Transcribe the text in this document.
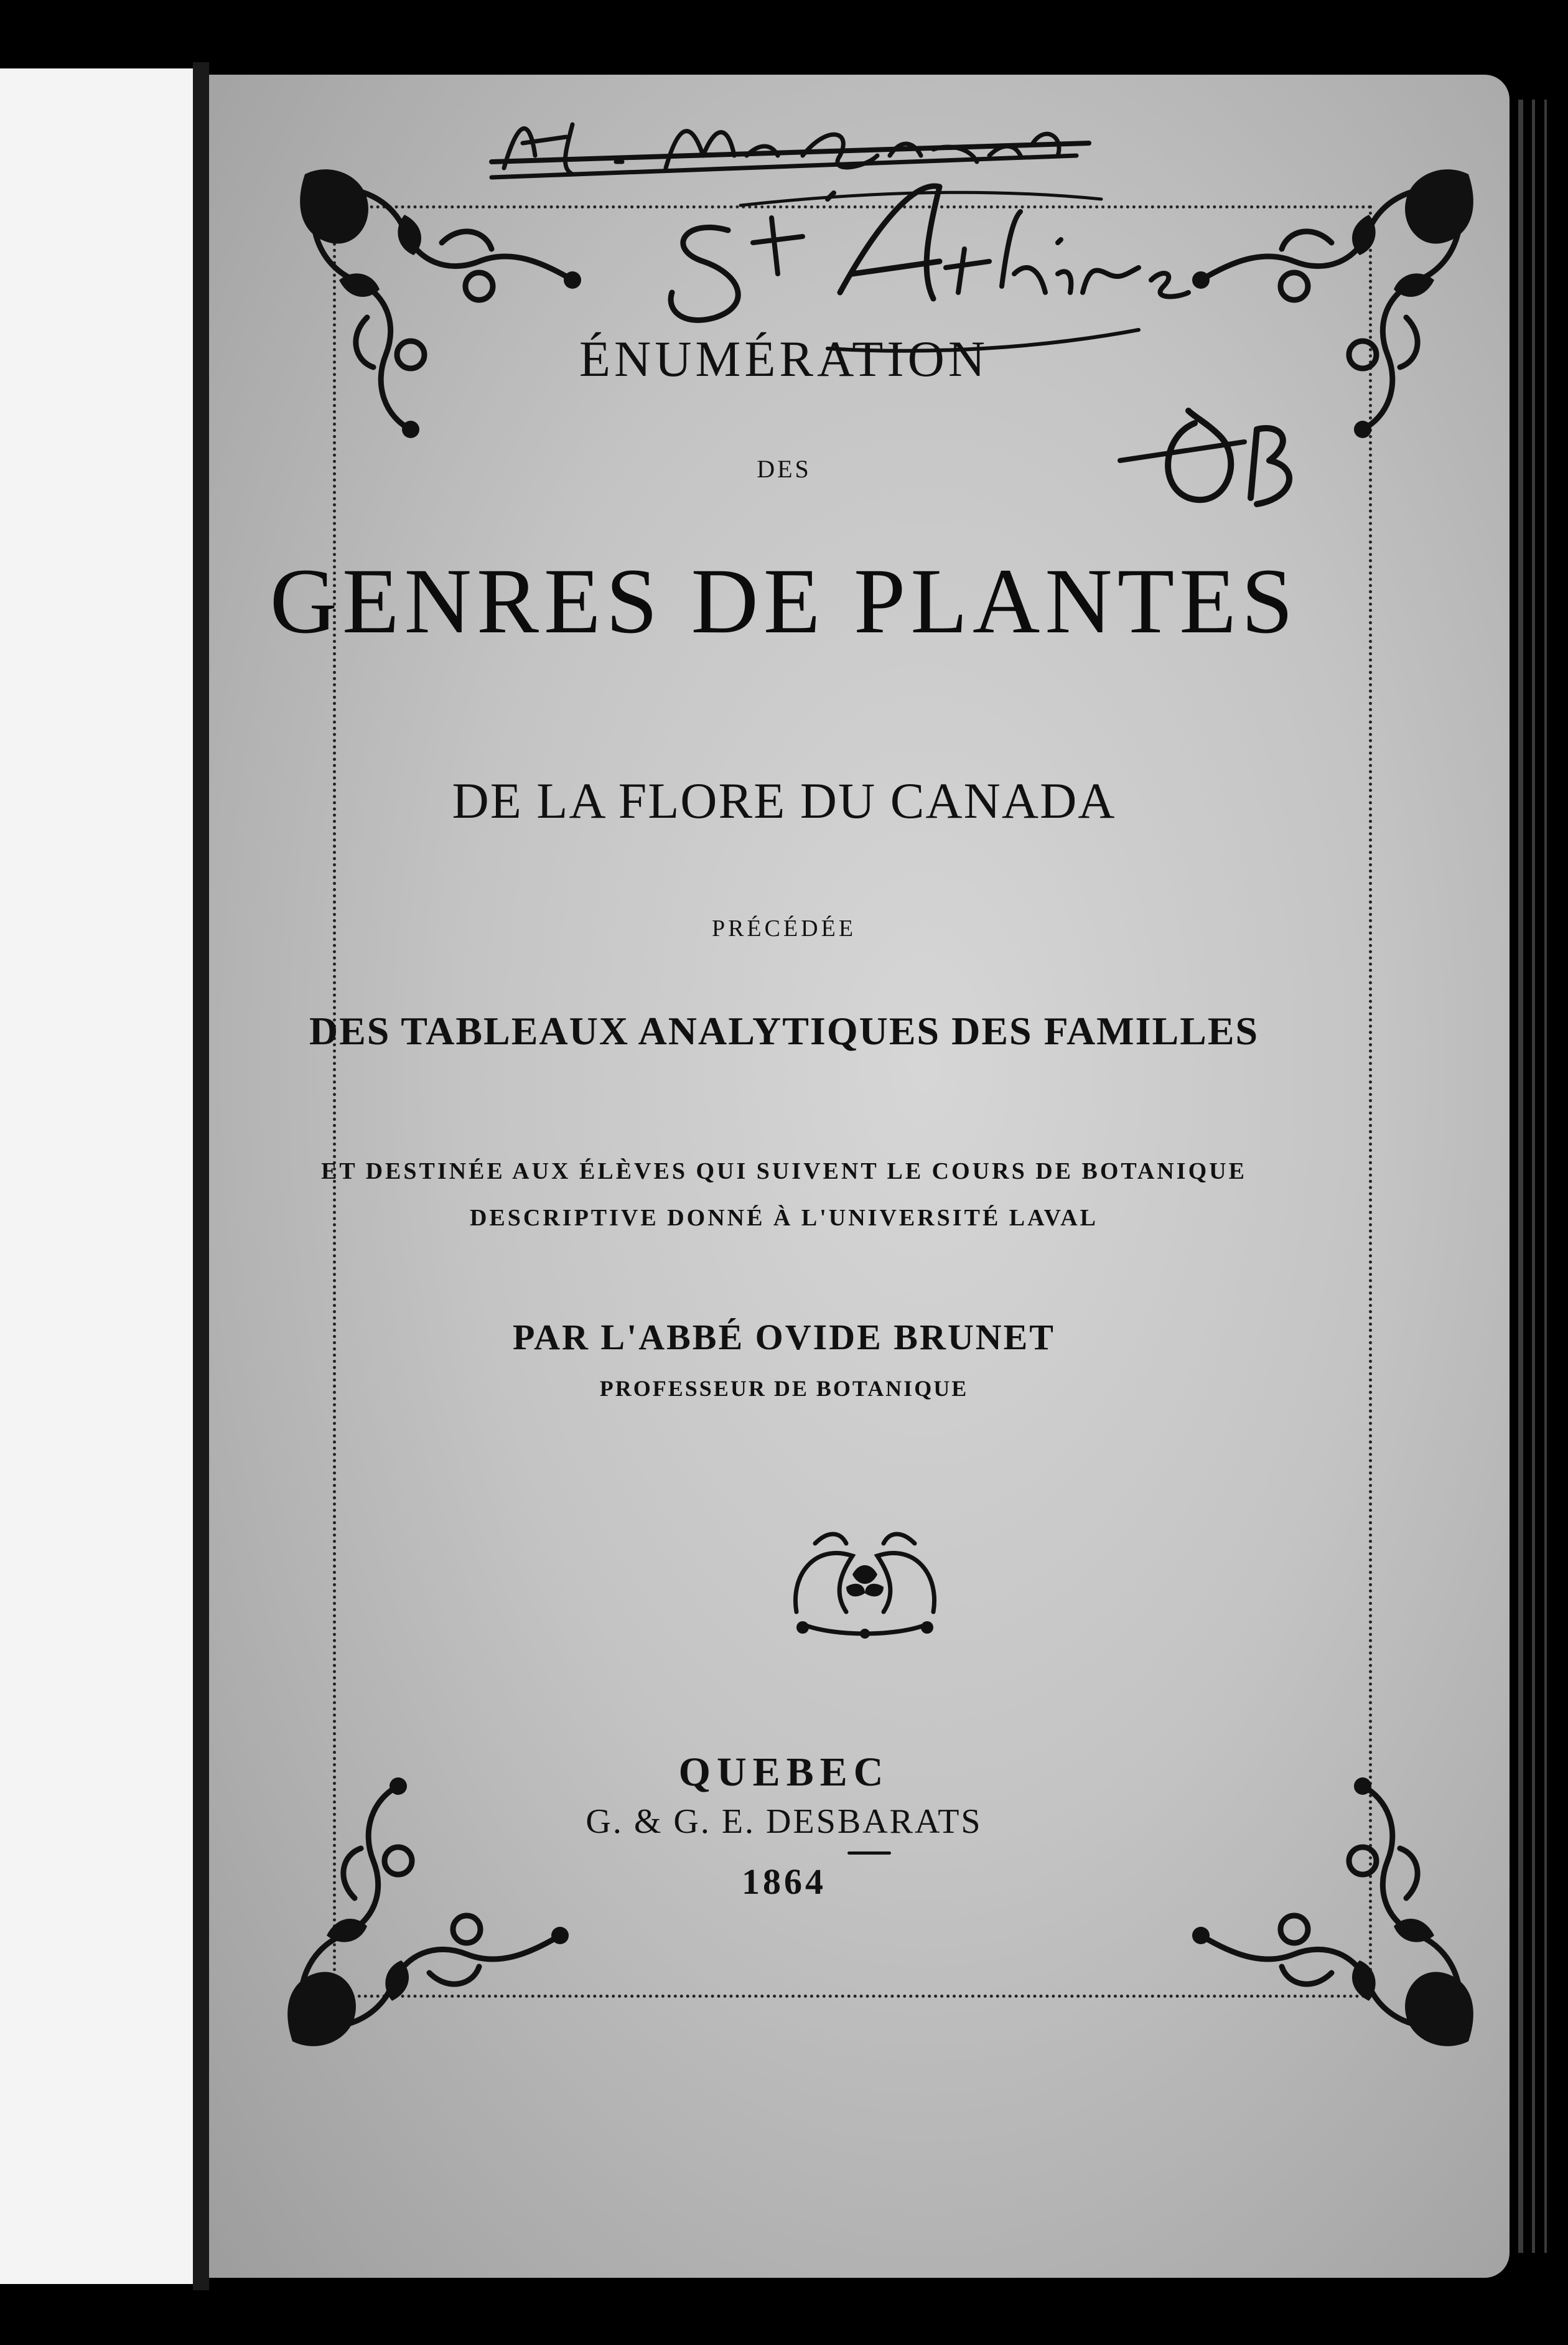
ÉNUMÉRATION
DES
GENRES DE PLANTES
DE LA FLORE DU CANADA
PRÉCÉDÉE
DES TABLEAUX ANALYTIQUES DES FAMILLES
ET DESTINÉE AUX ÉLÈVES QUI SUIVENT LE COURS DE BOTANIQUE
DESCRIPTIVE DONNÉ À L'UNIVERSITÉ LAVAL
PAR L'ABBÉ OVIDE BRUNET
PROFESSEUR DE BOTANIQUE
QUEBEC
G. & G. E. DESBARATS
1864
